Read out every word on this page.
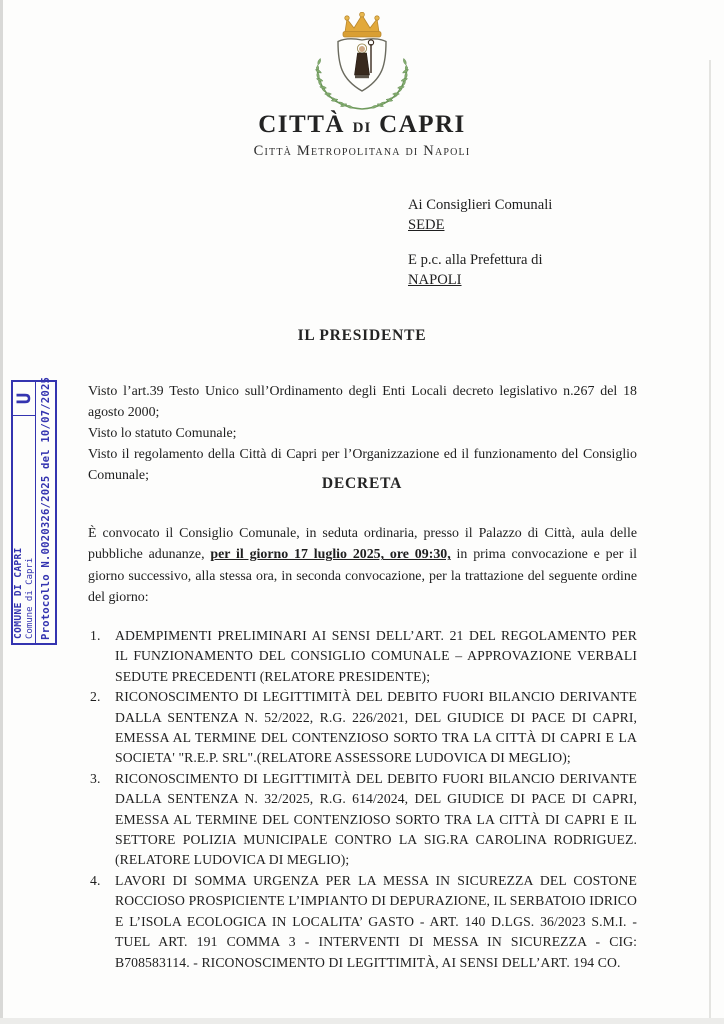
CITTÀ DI CAPRI
Città Metropolitana di Napoli
Ai Consiglieri Comunali
SEDE
E p.c. alla Prefettura di
NAPOLI
IL PRESIDENTE
Visto l’art.39 Testo Unico sull’Ordinamento degli Enti Locali decreto legislativo n.267 del 18 agosto 2000;
Visto lo statuto Comunale;
Visto il regolamento della Città di Capri per l’Organizzazione ed il funzionamento del Consiglio Comunale;	DECRETA
È convocato il Consiglio Comunale, in seduta ordinaria, presso il Palazzo di Città, aula delle pubbliche adunanze, per il giorno 17 luglio 2025, ore 09:30, in prima convocazione e per il giorno successivo, alla stessa ora, in seconda convocazione, per la trattazione del seguente ordine del giorno:
1. ADEMPIMENTI PRELIMINARI AI SENSI DELL’ART. 21 DEL REGOLAMENTO PER IL FUNZIONAMENTO DEL CONSIGLIO COMUNALE – APPROVAZIONE VERBALI SEDUTE PRECEDENTI (RELATORE PRESIDENTE);
2. RICONOSCIMENTO DI LEGITTIMITÀ DEL DEBITO FUORI BILANCIO DERIVANTE DALLA SENTENZA N. 52/2022, R.G. 226/2021, DEL GIUDICE DI PACE DI CAPRI, EMESSA AL TERMINE DEL CONTENZIOSO SORTO TRA LA CITTÀ DI CAPRI E LA SOCIETA' "R.E.P. SRL".(RELATORE ASSESSORE LUDOVICA DI MEGLIO);
3. RICONOSCIMENTO DI LEGITTIMITÀ DEL DEBITO FUORI BILANCIO DERIVANTE DALLA SENTENZA N. 32/2025, R.G. 614/2024, DEL GIUDICE DI PACE DI CAPRI, EMESSA AL TERMINE DEL CONTENZIOSO SORTO TRA LA CITTÀ DI CAPRI E IL SETTORE POLIZIA MUNICIPALE CONTRO LA SIG.RA CAROLINA RODRIGUEZ. (RELATORE LUDOVICA DI MEGLIO);
4. LAVORI DI SOMMA URGENZA PER LA MESSA IN SICUREZZA DEL COSTONE ROCCIOSO PROSPICIENTE L’IMPIANTO DI DEPURAZIONE, IL SERBATOIO IDRICO E L’ISOLA ECOLOGICA IN LOCALITA’ GASTO - ART. 140 D.LGS. 36/2023 S.M.I. - TUEL ART. 191 COMMA 3 - INTERVENTI DI MESSA IN SICUREZZA - CIG: B708583114. - RICONOSCIMENTO DI LEGITTIMITÀ, AI SENSI DELL’ART. 194 CO.
COMUNE DI CAPRI Comune di Capri
U Protocollo N.0020326/2025 del 10/07/2025
